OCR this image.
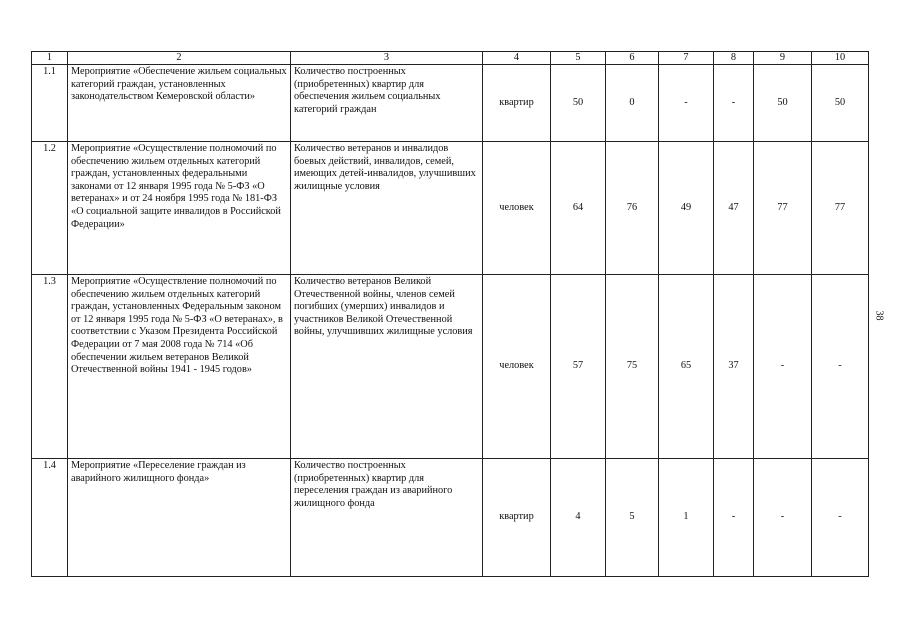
1	2	3	4	5	6	7	8	9	10
1.1	Мероприятие «Обеспечение жильем социальных категорий граждан, установленных законодательством Кемеровской области»	Количество построенных (приобретенных) квартир для обеспечения жильем социальных категорий граждан	квартир	50	0	-	-	50	50
1.2	Мероприятие «Осуществление полномочий по обеспечению жильем отдельных категорий граждан, установленных федеральными законами от 12 января 1995 года № 5-ФЗ «О ветеранах» и от 24 ноября 1995 года № 181-ФЗ «О социальной защите инвалидов в Российской Федерации»	Количество ветеранов и инвалидов боевых действий, инвалидов, семей, имеющих детей-инвалидов, улучшивших жилищные условия	человек	64	76	49	47	77	77
1.3	Мероприятие «Осуществление полномочий по обеспечению жильем отдельных категорий граждан, установленных Федеральным законом от 12 января 1995 года № 5-ФЗ «О ветеранах», в соответствии с Указом Президента Российской Федерации от 7 мая 2008 года № 714 «Об обеспечении жильем ветеранов Великой Отечественной войны 1941 - 1945 годов»	Количество ветеранов Великой Отечественной войны, членов семей погибших (умерших) инвалидов и участников Великой Отечественной войны, улучшивших жилищные условия	человек	57	75	65	37	-	-
1.4	Мероприятие «Переселение граждан из аварийного жилищного фонда»	Количество построенных (приобретенных) квартир для переселения граждан из аварийного жилищного фонда	квартир	4	5	1	-	-	-
38
